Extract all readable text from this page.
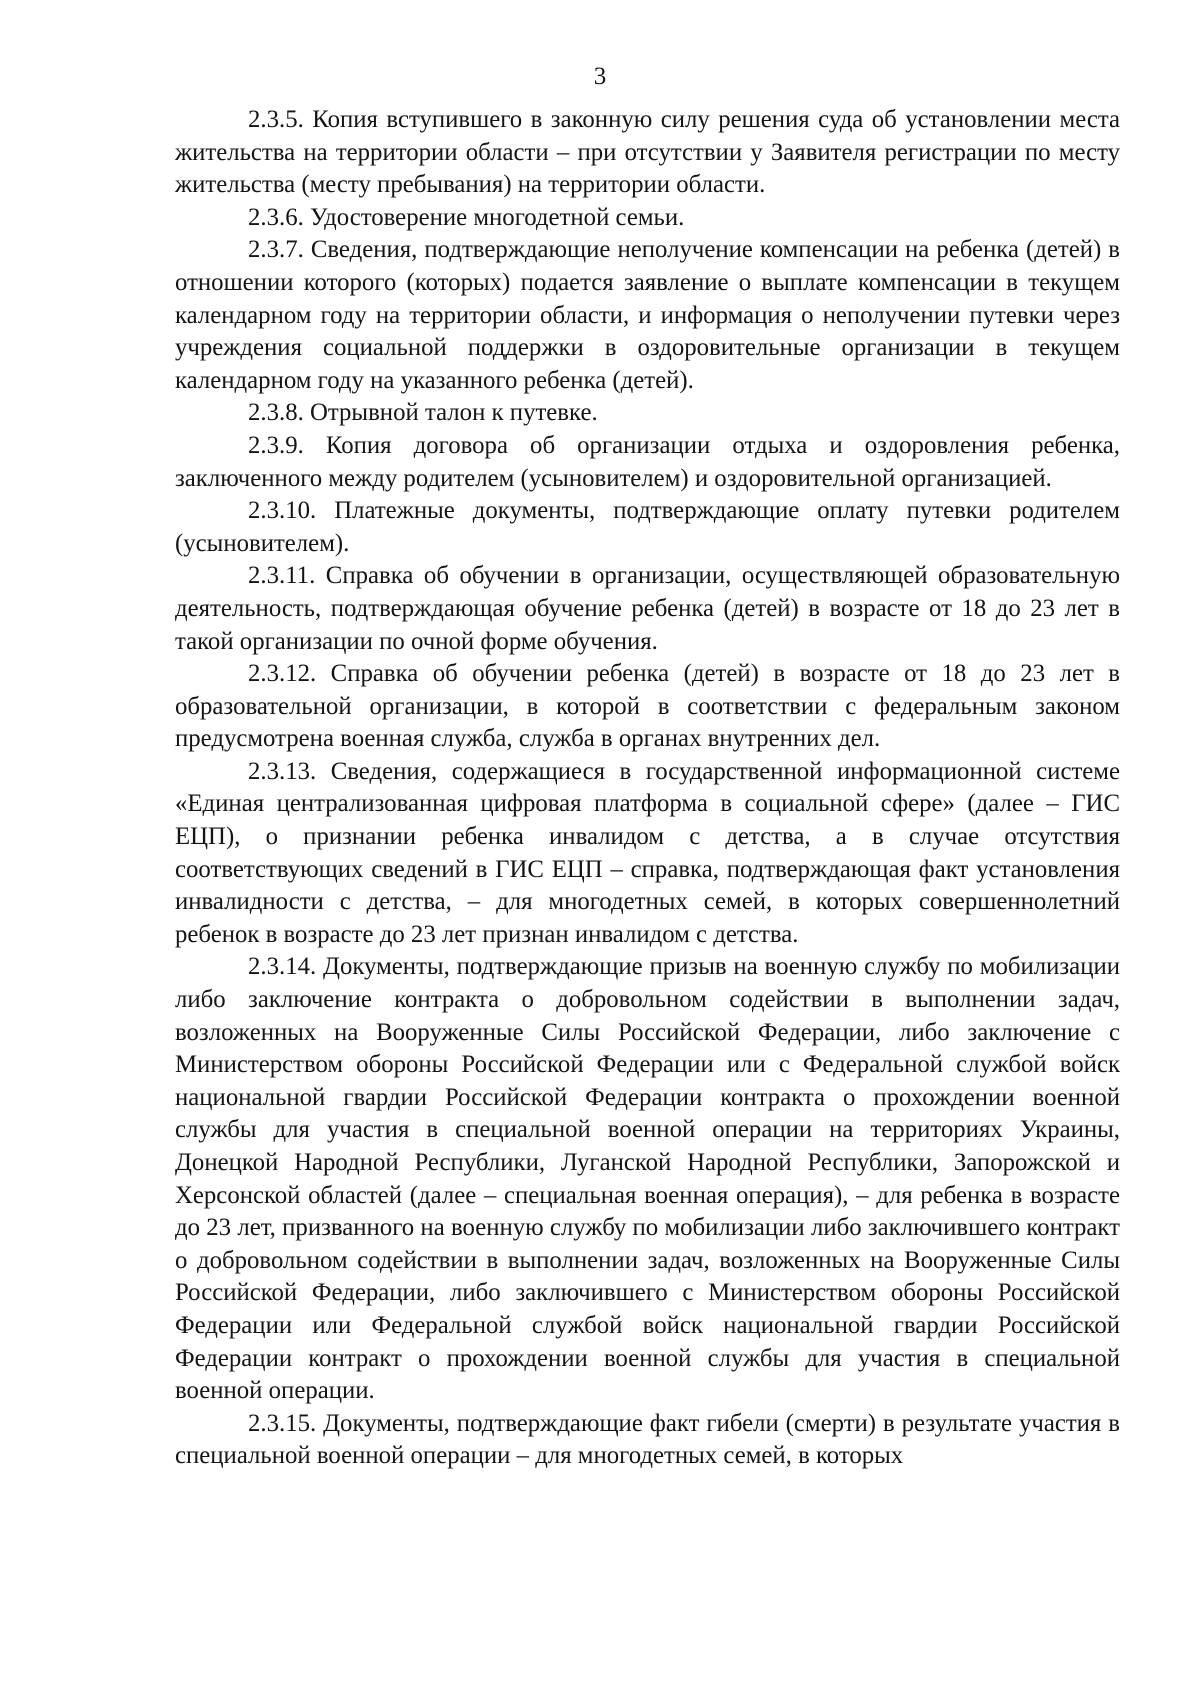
3

2.3.5. Копия вступившего в законную силу решения суда об установлении места жительства на территории области – при отсутствии у Заявителя регистрации по месту жительства (месту пребывания) на территории области.

2.3.6. Удостоверение многодетной семьи.

2.3.7. Сведения, подтверждающие неполучение компенсации на ребенка (детей) в отношении которого (которых) подается заявление о выплате компенсации в текущем календарном году на территории области, и информация о неполучении путевки через учреждения социальной поддержки в оздоровительные организации в текущем календарном году на указанного ребенка (детей).

2.3.8. Отрывной талон к путевке.

2.3.9. Копия договора об организации отдыха и оздоровления ребенка, заключенного между родителем (усыновителем) и оздоровительной организацией.

2.3.10. Платежные документы, подтверждающие оплату путевки родителем (усыновителем).

2.3.11. Справка об обучении в организации, осуществляющей образовательную деятельность, подтверждающая обучение ребенка (детей) в возрасте от 18 до 23 лет в такой организации по очной форме обучения.

2.3.12. Справка об обучении ребенка (детей) в возрасте от 18 до 23 лет в образовательной организации, в которой в соответствии с федеральным законом предусмотрена военная служба, служба в органах внутренних дел.

2.3.13. Сведения, содержащиеся в государственной информационной системе «Единая централизованная цифровая платформа в социальной сфере» (далее – ГИС ЕЦП), о признании ребенка инвалидом с детства, а в случае отсутствия соответствующих сведений в ГИС ЕЦП – справка, подтверждающая факт установления инвалидности с детства, – для многодетных семей, в которых совершеннолетний ребенок в возрасте до 23 лет признан инвалидом с детства.

2.3.14. Документы, подтверждающие призыв на военную службу по мобилизации либо заключение контракта о добровольном содействии в выполнении задач, возложенных на Вооруженные Силы Российской Федерации, либо заключение с Министерством обороны Российской Федерации или с Федеральной службой войск национальной гвардии Российской Федерации контракта о прохождении военной службы для участия в специальной военной операции на территориях Украины, Донецкой Народной Республики, Луганской Народной Республики, Запорожской и Херсонской областей (далее – специальная военная операция), – для ребенка в возрасте до 23 лет, призванного на военную службу по мобилизации либо заключившего контракт о добровольном содействии в выполнении задач, возложенных на Вооруженные Силы Российской Федерации, либо заключившего с Министерством обороны Российской Федерации или Федеральной службой войск национальной гвардии Российской Федерации контракт о прохождении военной службы для участия в специальной военной операции.

2.3.15. Документы, подтверждающие факт гибели (смерти) в результате участия в специальной военной операции – для многодетных семей, в которых
